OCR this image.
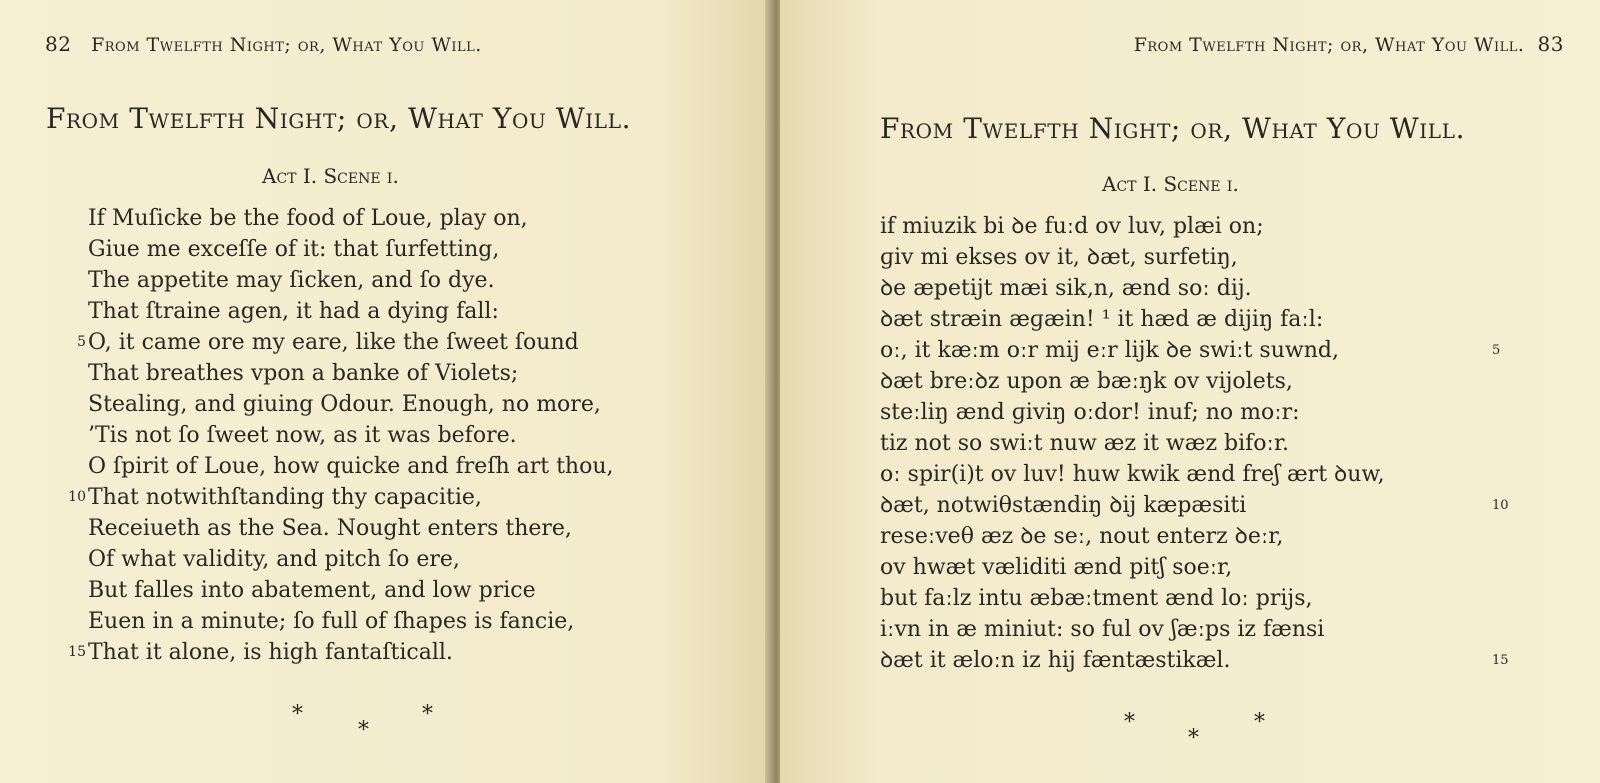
82 From Twelfth Night; or, What You Will.
From Twelfth Night; or, What You Will.
Act I. Scene i.
If Muſicke be the food of Loue, play on,
Giue me exceſſe of it: that ſurfetting,
The appetite may ſicken, and ſo dye.
That ſtraine agen, it had a dying fall:
5 O, it came ore my eare, like the ſweet ſound
That breathes vpon a banke of Violets;
Stealing, and giuing Odour. Enough, no more,
’Tis not ſo ſweet now, as it was before.
O ſpirit of Loue, how quicke and freſh art thou,
10 That notwithſtanding thy capacitie,
Receiueth as the Sea. Nought enters there,
Of what validity, and pitch ſo ere,
But falles into abatement, and low price
Euen in a minute; ſo full of ſhapes is fancie,
15 That it alone, is high fantaſticall.
*
*
*
From Twelfth Night; or, What You Will. 83
From Twelfth Night; or, What You Will.
Act I. Scene i.
if miuzik bi ꝺe fuːd ov luv, plæi on;
ɡiv mi ekses ov it, ꝺæt, surfetiŋ,
ꝺe æpetijt mæi sik‚n, ænd soː dij.
ꝺæt stræin æɡæin! ¹ it hæd æ dijiŋ faːl:
oː, it kæːm oːr mij eːr lijk ꝺe swiːt suwnd,	5
ꝺæt breːꝺz upon æ bæːŋk ov vijolets,
steːliŋ ænd ɡiviŋ oːdor! inuf; no moːr:
tiz not so swiːt nuw æz it wæz bifoːr.
oː spir(i)t ov luv! huw kwik ænd freʃ ært ꝺuw,
ꝺæt, notwiθstændiŋ ꝺij kæpæsiti	10
reseːveθ æz ꝺe seː, nout enterz ꝺeːr,
ov hwæt væliditi ænd pitʃ soeːr,
but faːlz intu æbæːtment ænd loː prijs,
iːvn in æ miniut: so ful ov ʃæːps iz fænsi
ꝺæt it æloːn iz hij fæntæstikæl.	15
*
*
*
